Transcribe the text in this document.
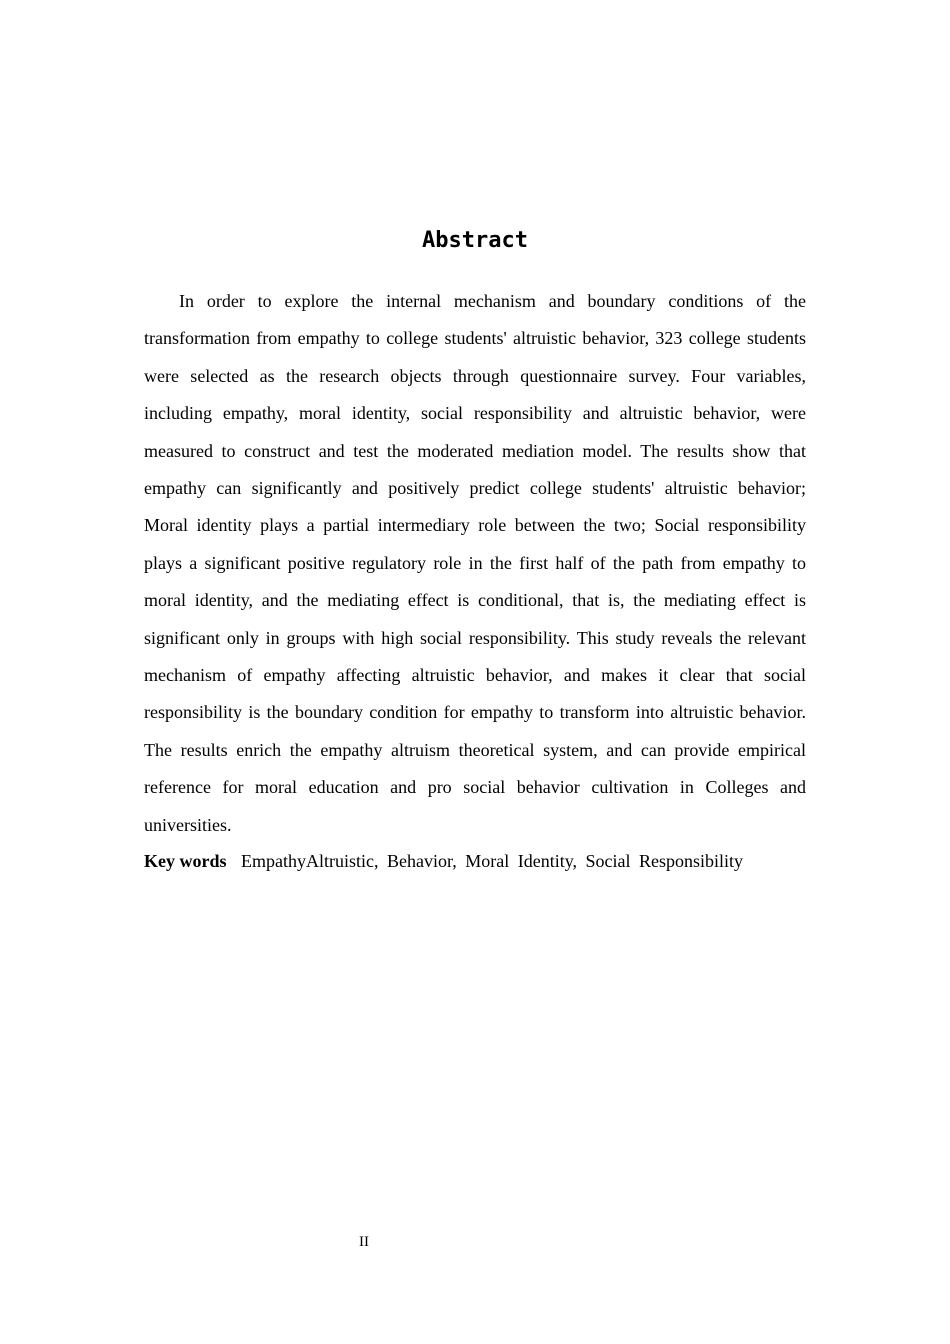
Abstract

In order to explore the internal mechanism and boundary conditions of the transformation from empathy to college students' altruistic behavior, 323 college students were selected as the research objects through questionnaire survey. Four variables, including empathy, moral identity, social responsibility and altruistic behavior, were measured to construct and test the moderated mediation model. The results show that empathy can significantly and positively predict college students' altruistic behavior; Moral identity plays a partial intermediary role between the two; Social responsibility plays a significant positive regulatory role in the first half of the path from empathy to moral identity, and the mediating effect is conditional, that is, the mediating effect is significant only in groups with high social responsibility. This study reveals the relevant mechanism of empathy affecting altruistic behavior, and makes it clear that social responsibility is the boundary condition for empathy to transform into altruistic behavior. The results enrich the empathy altruism theoretical system, and can provide empirical reference for moral education and pro social behavior cultivation in Colleges and universities.

Key words EmpathyAltruistic, Behavior, Moral Identity, Social Responsibility

II
